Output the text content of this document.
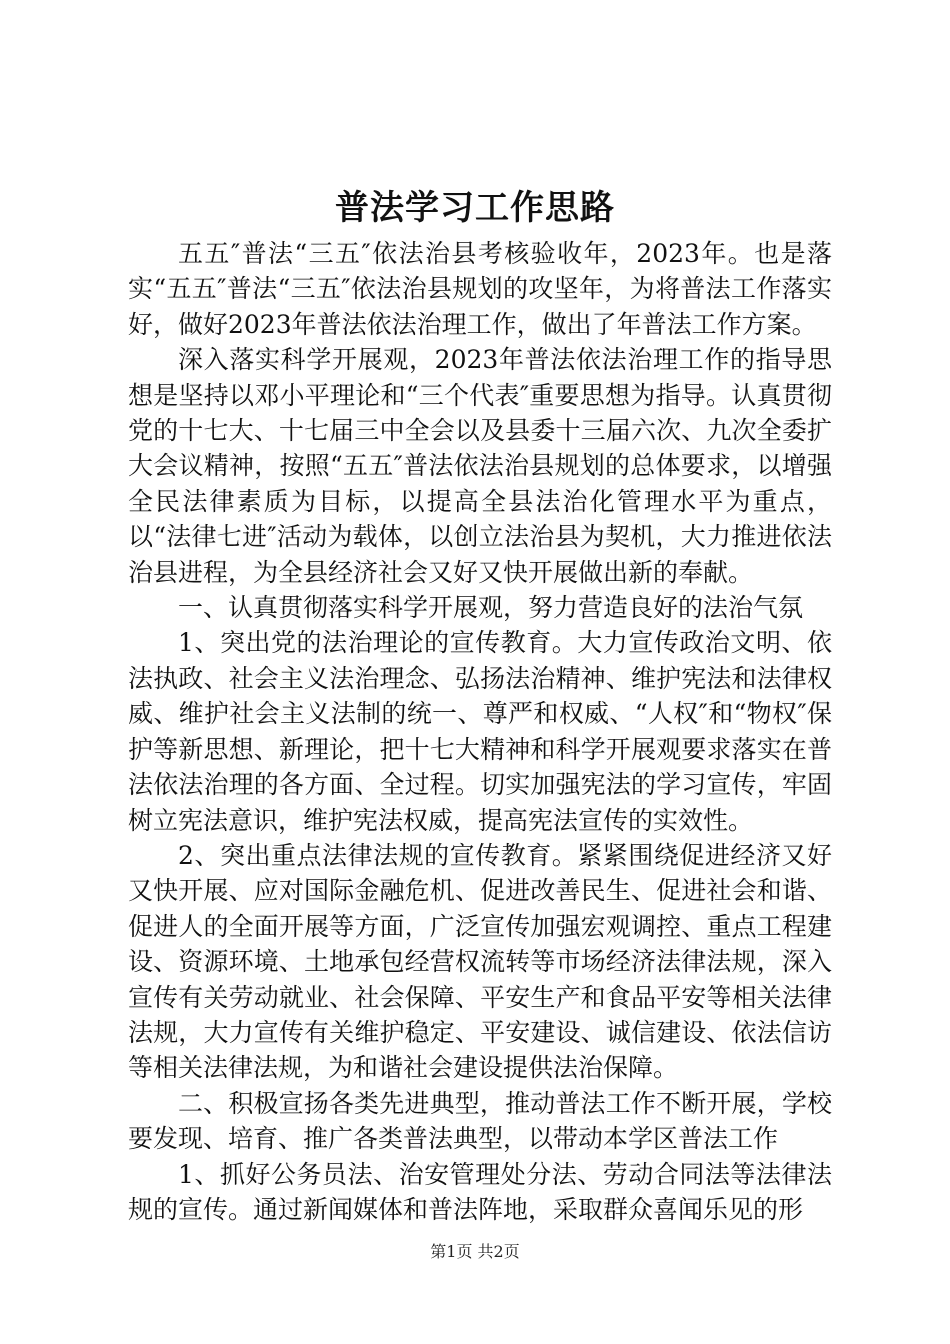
普法学习工作思路

五五″普法“三五″依法治县考核验收年，2023年。也是落实“五五″普法“三五″依法治县规划的攻坚年，为将普法工作落实好，做好2023年普法依法治理工作，做出了年普法工作方案。

深入落实科学开展观，2023年普法依法治理工作的指导思想是坚持以邓小平理论和“三个代表″重要思想为指导。认真贯彻党的十七大、十七届三中全会以及县委十三届六次、九次全委扩大会议精神，按照“五五″普法依法治县规划的总体要求，以增强全民法律素质为目标，以提高全县法治化管理水平为重点，以“法律七进″活动为载体，以创立法治县为契机，大力推进依法治县进程，为全县经济社会又好又快开展做出新的奉献。

一、认真贯彻落实科学开展观，努力营造良好的法治气氛

1、突出党的法治理论的宣传教育。大力宣传政治文明、依法执政、社会主义法治理念、弘扬法治精神、维护宪法和法律权威、维护社会主义法制的统一、尊严和权威、“人权″和“物权″保护等新思想、新理论，把十七大精神和科学开展观要求落实在普法依法治理的各方面、全过程。切实加强宪法的学习宣传，牢固树立宪法意识，维护宪法权威，提高宪法宣传的实效性。

2、突出重点法律法规的宣传教育。紧紧围绕促进经济又好又快开展、应对国际金融危机、促进改善民生、促进社会和谐、促进人的全面开展等方面，广泛宣传加强宏观调控、重点工程建设、资源环境、土地承包经营权流转等市场经济法律法规，深入宣传有关劳动就业、社会保障、平安生产和食品平安等相关法律法规，大力宣传有关维护稳定、平安建设、诚信建设、依法信访等相关法律法规，为和谐社会建设提供法治保障。

二、积极宣扬各类先进典型，推动普法工作不断开展，学校要发现、培育、推广各类普法典型，以带动本学区普法工作

1、抓好公务员法、治安管理处分法、劳动合同法等法律法规的宣传。通过新闻媒体和普法阵地，采取群众喜闻乐见的形

第1页 共2页
